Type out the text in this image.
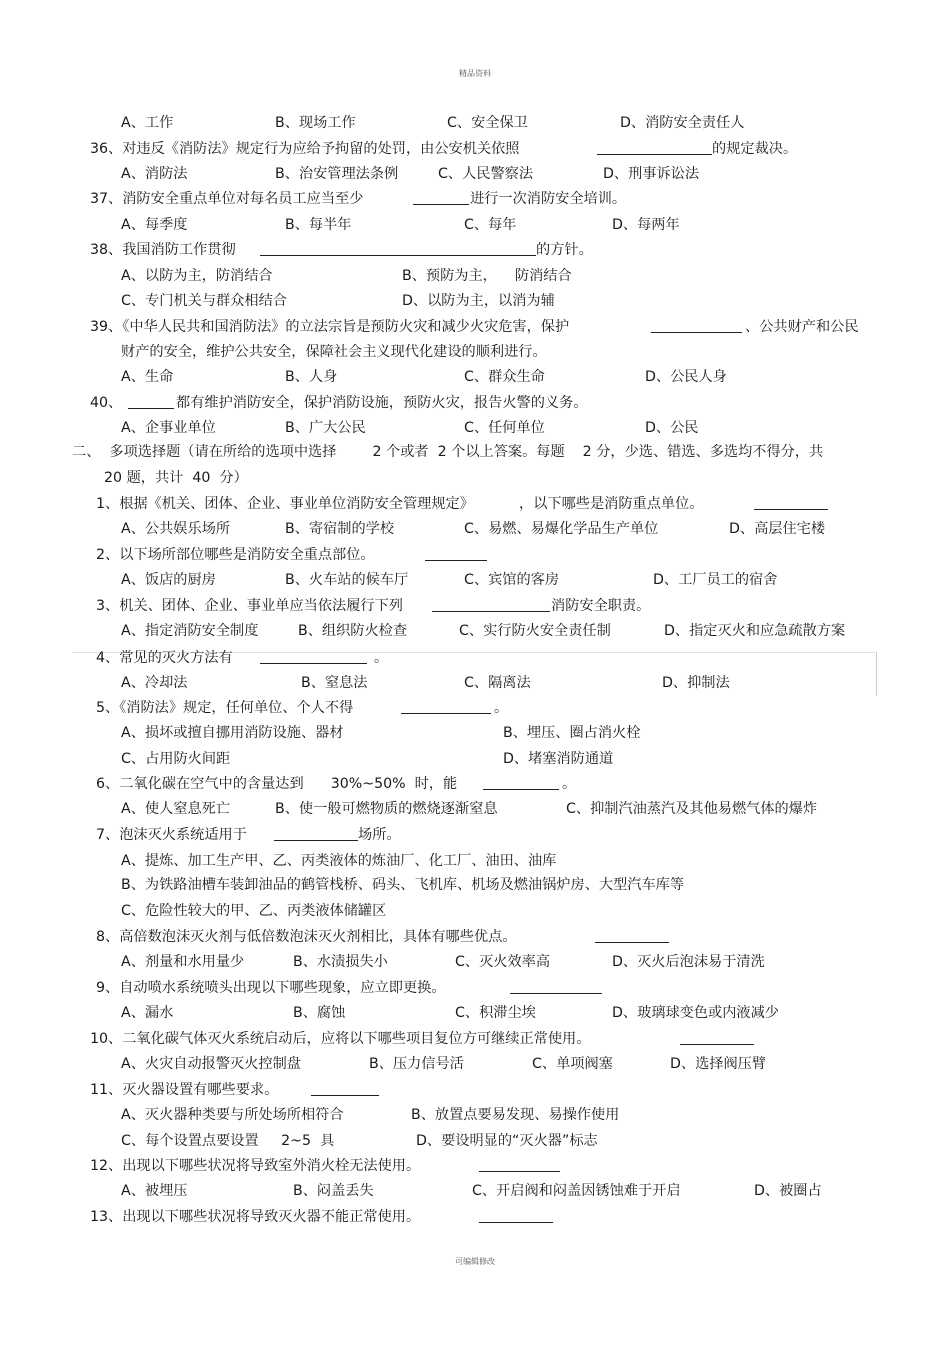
精品资料
A、工作	B、现场工作	C、安全保卫	D、消防安全责任人
36、对违反《消防法》规定行为应给予拘留的处罚，由公安机关依照	的规定裁决。
A、消防法	B、治安管理法条例	C、人民警察法	D、刑事诉讼法
37、消防安全重点单位对每名员工应当至少	进行一次消防安全培训。
A、每季度	B、每半年	C、每年	D、每两年
38、我国消防工作贯彻	的方针。
A、以防为主，防消结合	B、预防为主，    防消结合
C、专门机关与群众相结合	D、以防为主，以消为辅
39、《中华人民共和国消防法》的立法宗旨是预防火灾和减少火灾危害，保护	、公共财产和公民
财产的安全，维护公共安全，保障社会主义现代化建设的顺利进行。
A、生命	B、人身	C、群众生命	D、公民人身
40、	都有维护消防安全，保护消防设施，预防火灾，报告火警的义务。
A、企事业单位	B、广大公民	C、任何单位	D、公民
二、  多项选择题（请在所给的选项中选择        2 个或者  2 个以上答案。每题    2 分，少选、错选、多选均不得分，共
20 题，共计  40  分）
1、根据《机关、团体、企业、事业单位消防安全管理规定》          ，以下哪些是消防重点单位。
A、公共娱乐场所	B、寄宿制的学校	C、易燃、易爆化学品生产单位	D、高层住宅楼
2、以下场所部位哪些是消防安全重点部位。
A、饭店的厨房	B、火车站的候车厅	C、宾馆的客房	D、工厂员工的宿舍
3、机关、团体、企业、事业单应当依法履行下列	消防安全职责。
A、指定消防安全制度	B、组织防火检查	C、实行防火安全责任制	D、指定灭火和应急疏散方案
4、常见的灭火方法有	。
A、冷却法	B、窒息法	C、隔离法	D、抑制法
5、《消防法》规定，任何单位、个人不得	。
A、损坏或擅自挪用消防设施、器材	B、埋压、圈占消火栓
C、占用防火间距	D、堵塞消防通道
6、二氧化碳在空气中的含量达到      30%~50%  时，能	。
A、使人窒息死亡	B、使一般可燃物质的燃烧逐渐窒息	C、抑制汽油蒸汽及其他易燃气体的爆炸
7、泡沫灭火系统适用于	场所。
A、提炼、加工生产甲、乙、丙类液体的炼油厂、化工厂、油田、油库
B、为铁路油槽车装卸油品的鹤管栈桥、码头、飞机库、机场及燃油锅炉房、大型汽车库等
C、危险性较大的甲、乙、丙类液体储罐区
8、高倍数泡沫灭火剂与低倍数泡沫灭火剂相比，具体有哪些优点。
A、剂量和水用量少	B、水渍损失小	C、灭火效率高	D、灭火后泡沫易于清洗
9、自动喷水系统喷头出现以下哪些现象，应立即更换。
A、漏水	B、腐蚀	C、积滞尘埃	D、玻璃球变色或内液减少
10、二氧化碳气体灭火系统启动后，应将以下哪些项目复位方可继续正常使用。
A、火灾自动报警灭火控制盘	B、压力信号活	C、单项阀塞	D、选择阀压臂
11、灭火器设置有哪些要求。
A、灭火器种类要与所处场所相符合	B、放置点要易发现、易操作使用
C、每个设置点要设置     2~5  具	D、要设明显的“灭火器”标志
12、出现以下哪些状况将导致室外消火栓无法使用。
A、被埋压	B、闷盖丢失	C、开启阀和闷盖因锈蚀难于开启	D、被圈占
13、出现以下哪些状况将导致灭火器不能正常使用。
可编辑修改
